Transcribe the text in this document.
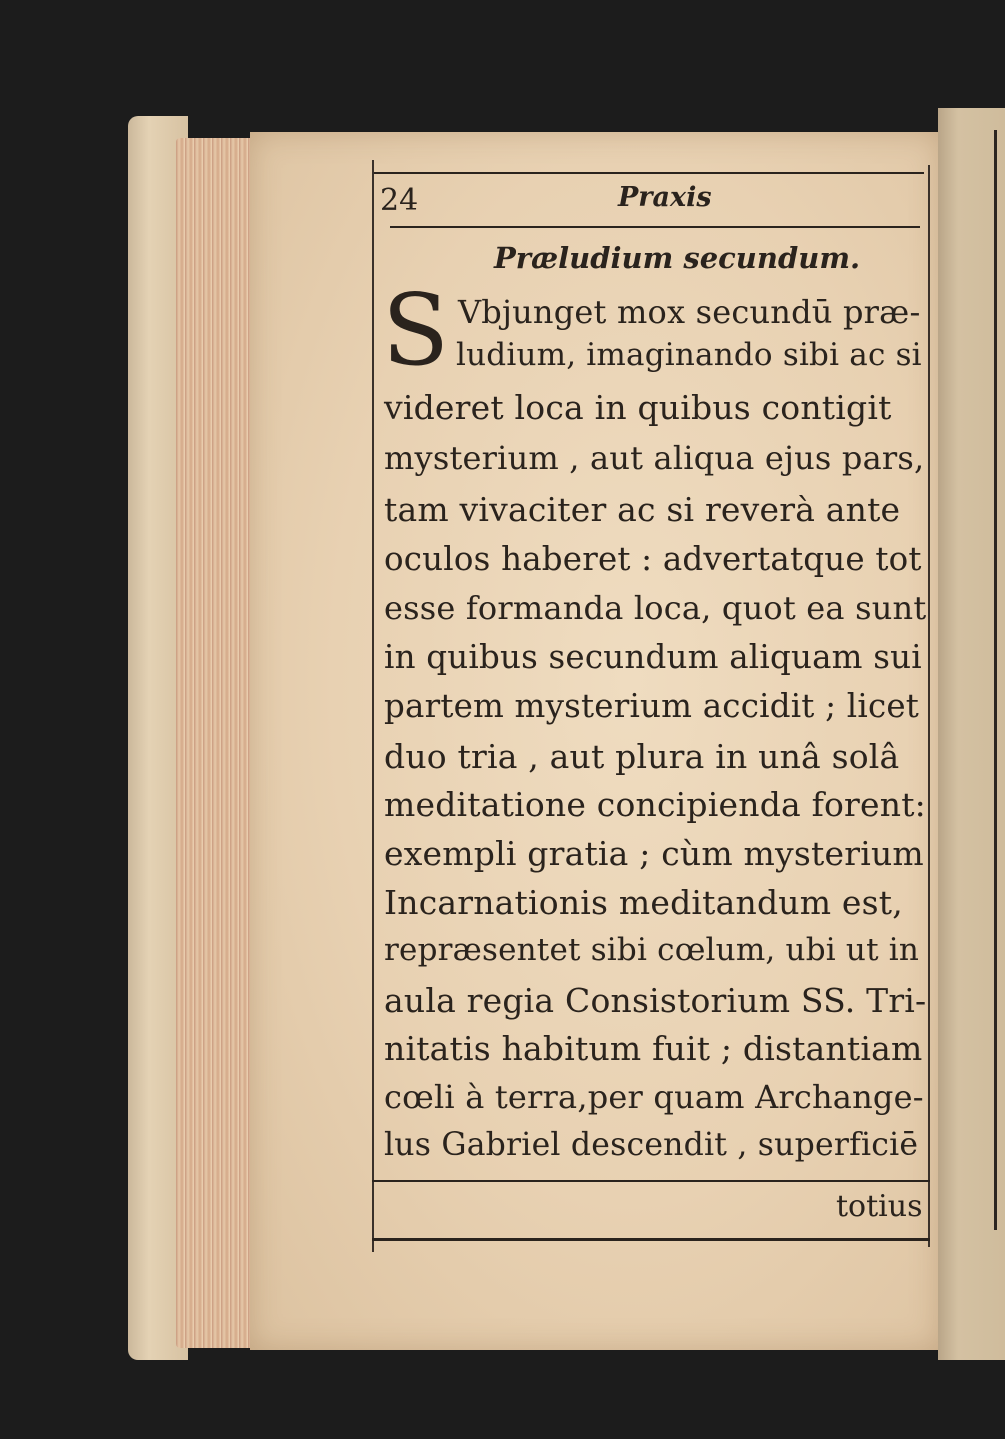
24	Praxis

Præludium secundum.

S Vbjunget mox secundū præ-

ludium, imaginando sibi ac si

videret loca in quibus contigit

mysterium , aut aliqua ejus pars,

tam vivaciter ac si reverà ante

oculos haberet : advertatque tot

esse formanda loca, quot ea sunt

in quibus secundum aliquam sui

partem mysterium accidit ; licet

duo tria , aut plura in unâ solâ

meditatione concipienda forent:

exempli gratia ; cùm mysterium

Incarnationis meditandum est,

repræsentet sibi cœlum, ubi ut in

aula regia Consistorium SS. Tri-

nitatis habitum fuit ; distantiam

cœli à terra,per quam Archange-

lus Gabriel descendit , superficiē

totius
